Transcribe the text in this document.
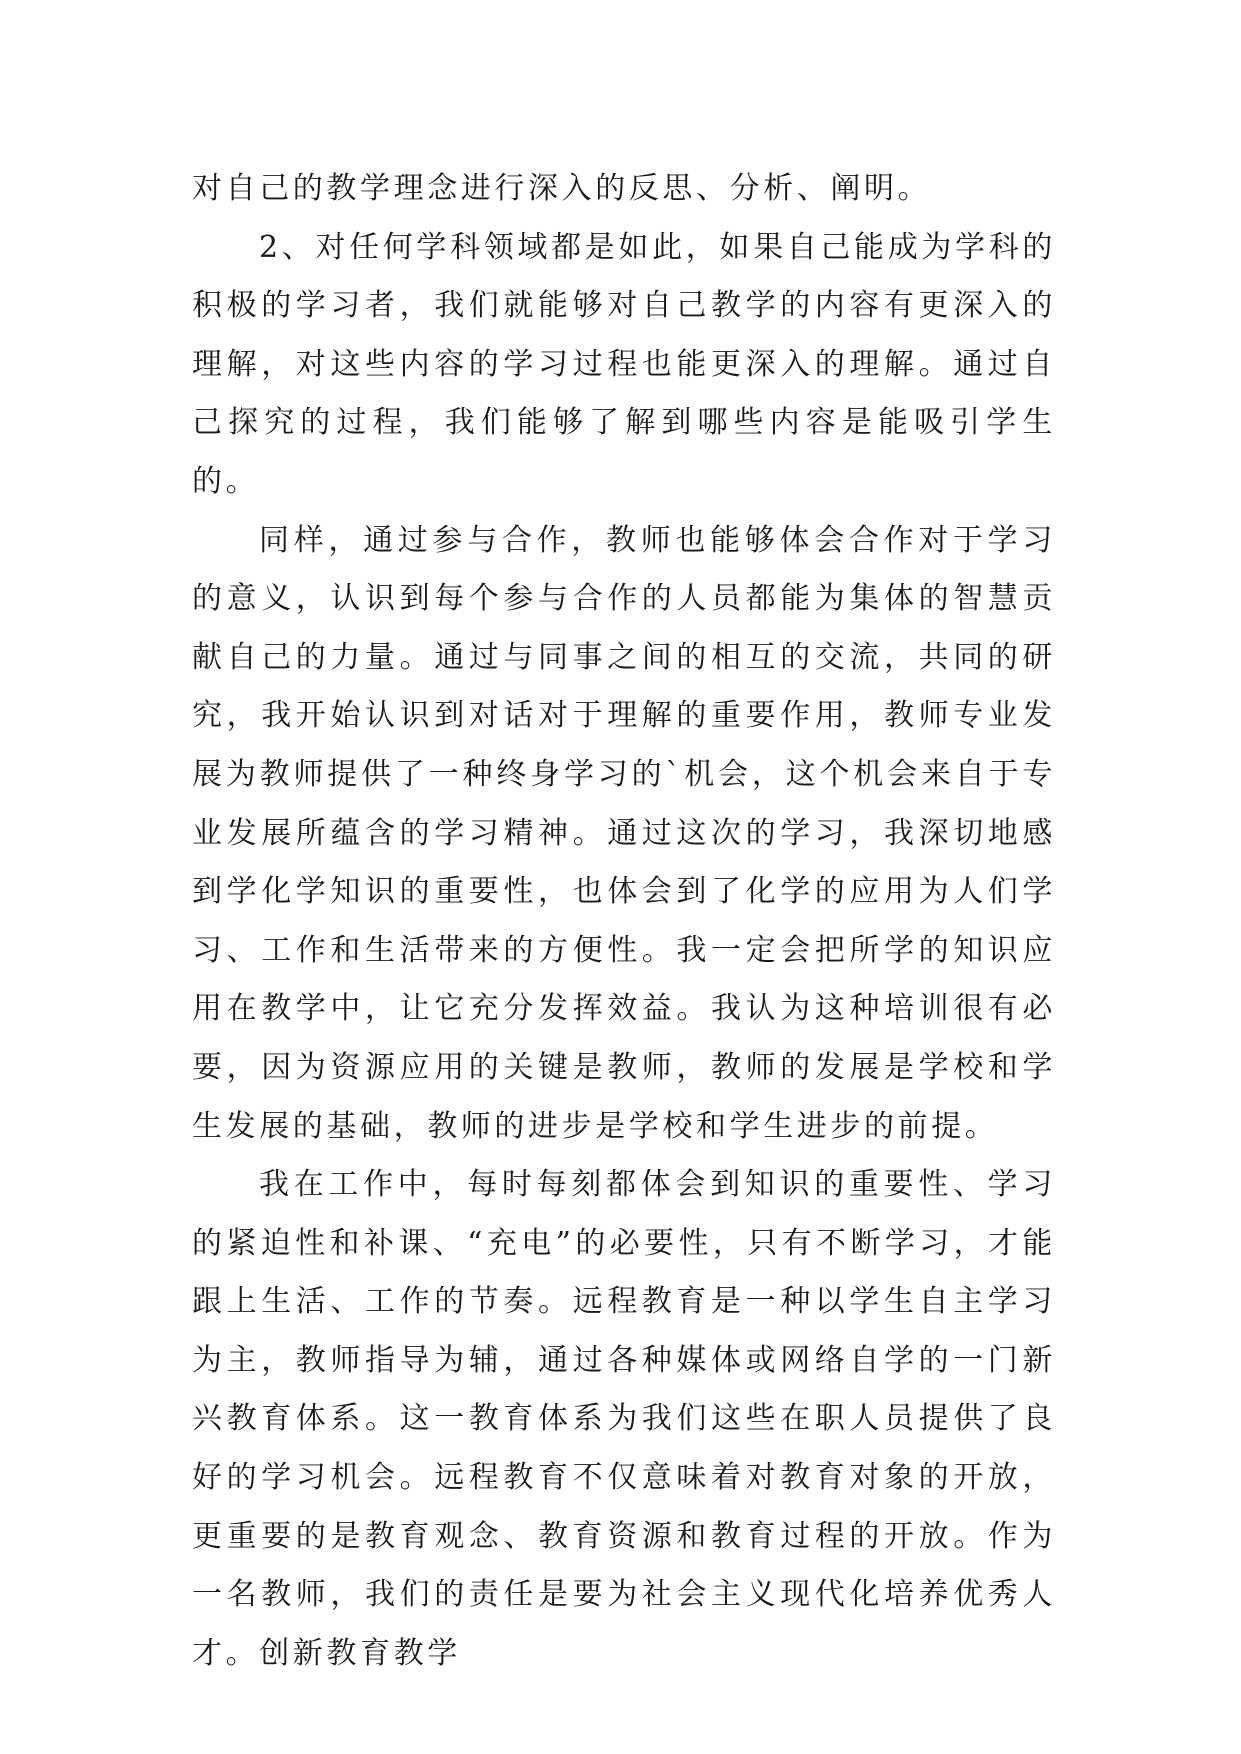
对自己的教学理念进行深入的反思、分析、阐明。

2、对任何学科领域都是如此，如果自己能成为学科的积极的学习者，我们就能够对自己教学的内容有更深入的理解，对这些内容的学习过程也能更深入的理解。通过自己探究的过程，我们能够了解到哪些内容是能吸引学生的。

同样，通过参与合作，教师也能够体会合作对于学习的意义，认识到每个参与合作的人员都能为集体的智慧贡献自己的力量。通过与同事之间的相互的交流，共同的研究，我开始认识到对话对于理解的重要作用，教师专业发展为教师提供了一种终身学习的`机会，这个机会来自于专业发展所蕴含的学习精神。通过这次的学习，我深切地感到学化学知识的重要性，也体会到了化学的应用为人们学习、工作和生活带来的方便性。我一定会把所学的知识应用在教学中，让它充分发挥效益。我认为这种培训很有必要，因为资源应用的关键是教师，教师的发展是学校和学生发展的基础，教师的进步是学校和学生进步的前提。

我在工作中，每时每刻都体会到知识的重要性、学习的紧迫性和补课、“充电”的必要性，只有不断学习，才能跟上生活、工作的节奏。远程教育是一种以学生自主学习为主，教师指导为辅，通过各种媒体或网络自学的一门新兴教育体系。这一教育体系为我们这些在职人员提供了良好的学习机会。远程教育不仅意味着对教育对象的开放，更重要的是教育观念、教育资源和教育过程的开放。作为一名教师，我们的责任是要为社会主义现代化培养优秀人才。创新教育教学
